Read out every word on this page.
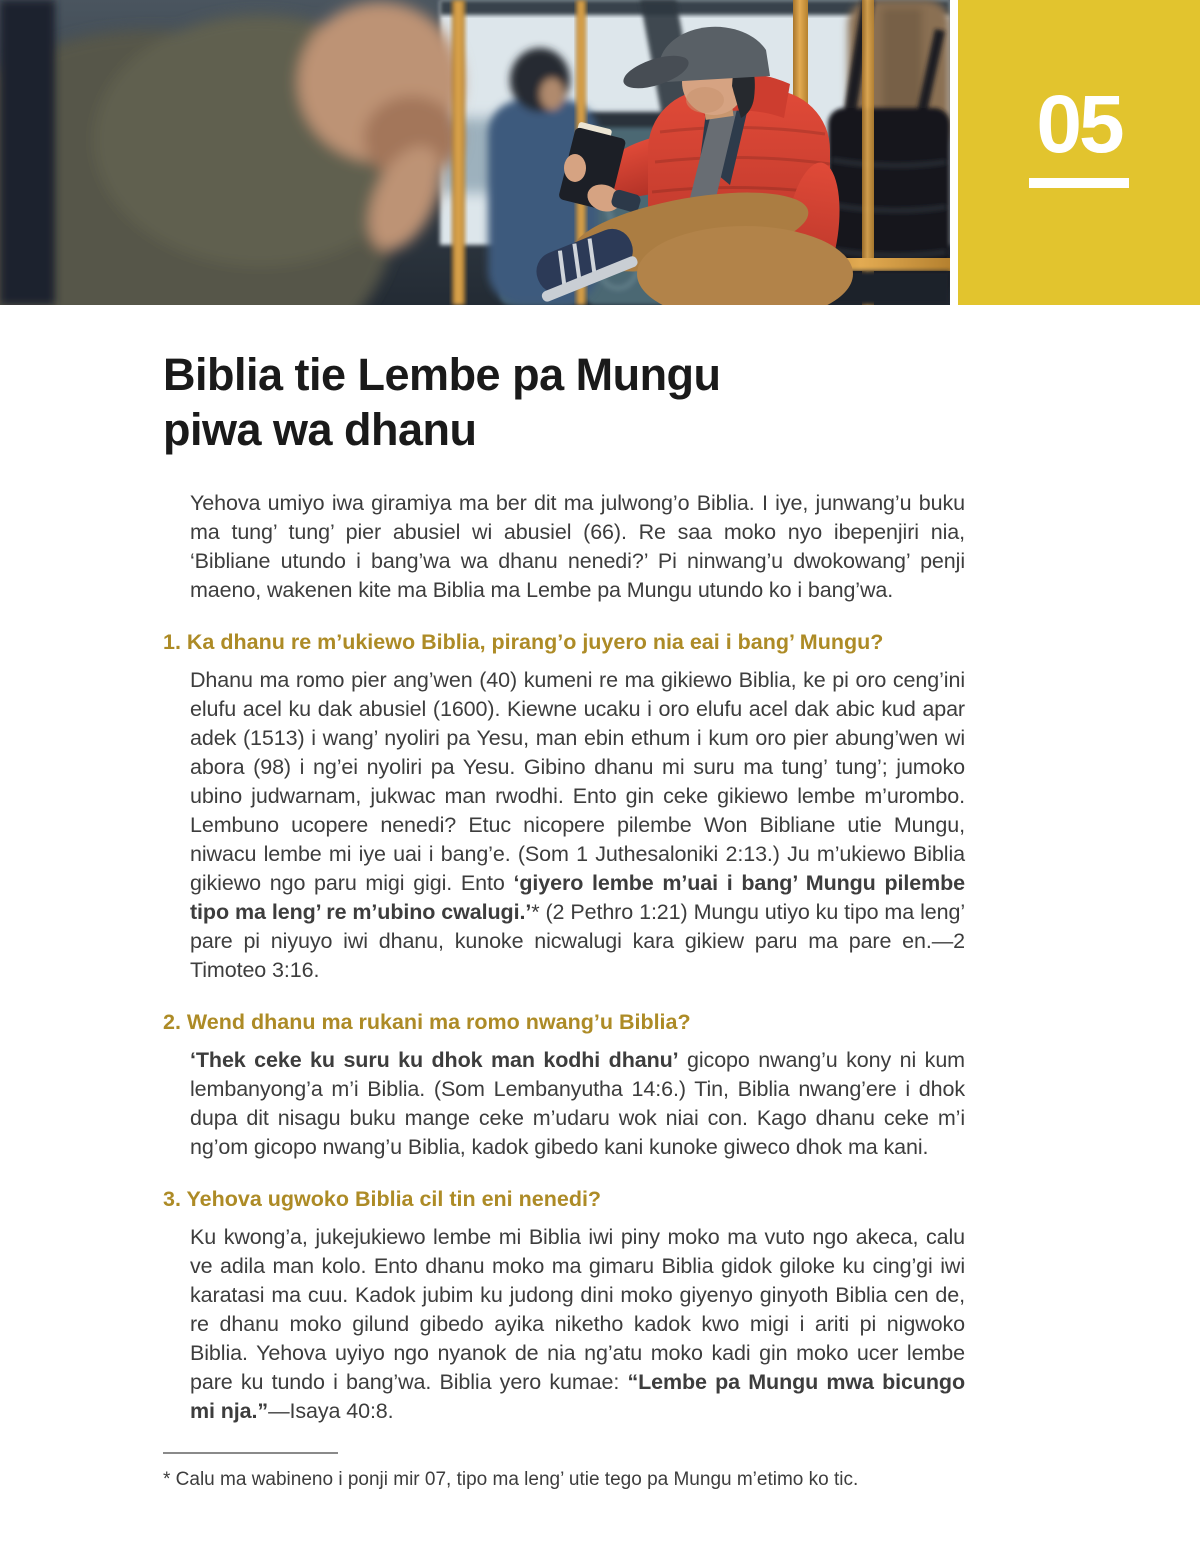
05
Biblia tie Lembe pa Mungu
piwa wa dhanu

Yehova umiyo iwa giramiya ma ber dit ma julwong’o Biblia. I iye, junwang’u buku ma tung’ tung’ pier abusiel wi abusiel (66). Re saa moko nyo ibepenjiri nia, ‘Bibliane utundo i bang’wa wa dhanu nenedi?’ Pi ninwang’u dwokowang’ penji maeno, wakenen kite ma Biblia ma Lembe pa Mungu utundo ko i bang’wa.

1. Ka dhanu re m’ukiewo Biblia, pirang’o juyero nia eai i bang’ Mungu?

Dhanu ma romo pier ang’wen (40) kumeni re ma gikiewo Biblia, ke pi oro ceng’ini elufu acel ku dak abusiel (1600). Kiewne ucaku i oro elufu acel dak abic kud apar adek (1513) i wang’ nyoliri pa Yesu, man ebin ethum i kum oro pier abung’wen wi abora (98) i ng’ei nyoliri pa Yesu. Gibino dhanu mi suru ma tung’ tung’; jumoko ubino judwarnam, jukwac man rwodhi. Ento gin ceke gikiewo lembe m’urombo. Lembuno ucopere nenedi? Etuc nicopere pilembe Won Bibliane utie Mungu, niwacu lembe mi iye uai i bang’e. (Som 1 Juthesaloniki 2:13.) Ju m’ukiewo Biblia gikiewo ngo paru migi gigi. Ento ‘giyero lembe m’uai i bang’ Mungu pilembe tipo ma leng’ re m’ubino cwalugi.’* (2 Pethro 1:21) Mungu utiyo ku tipo ma leng’ pare pi niyuyo iwi dhanu, kunoke nicwalugi kara gikiew paru ma pare en.—2 Timoteo 3:16.

2. Wend dhanu ma rukani ma romo nwang’u Biblia?

‘Thek ceke ku suru ku dhok man kodhi dhanu’ gicopo nwang’u kony ni kum lembanyong’a m’i Biblia. (Som Lembanyutha 14:6.) Tin, Biblia nwang’ere i dhok dupa dit nisagu buku mange ceke m’udaru wok niai con. Kago dhanu ceke m’i ng’om gicopo nwang’u Biblia, kadok gibedo kani kunoke giweco dhok ma kani.

3. Yehova ugwoko Biblia cil tin eni nenedi?

Ku kwong’a, jukejukiewo lembe mi Biblia iwi piny moko ma vuto ngo akeca, calu ve adila man kolo. Ento dhanu moko ma gimaru Biblia gidok giloke ku cing’gi iwi karatasi ma cuu. Kadok jubim ku judong dini moko giyenyo ginyoth Biblia cen de, re dhanu moko gilund gibedo ayika niketho kadok kwo migi i ariti pi nigwoko Biblia. Yehova uyiyo ngo nyanok de nia ng’atu moko kadi gin moko ucer lembe pare ku tundo i bang’wa. Biblia yero kumae: “Lembe pa Mungu mwa bicungo mi nja.”—Isaya 40:8.

* Calu ma wabineno i ponji mir 07, tipo ma leng’ utie tego pa Mungu m’etimo ko tic.
